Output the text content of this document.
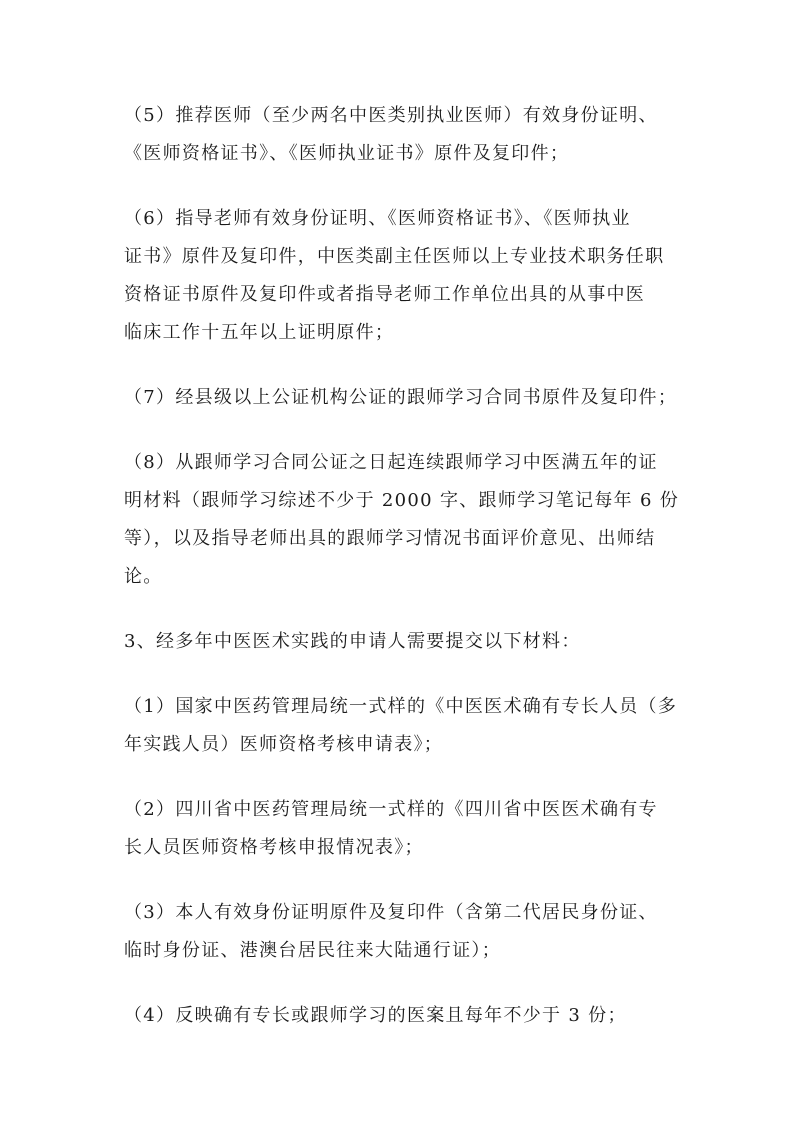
（5）推荐医师（至少两名中医类别执业医师）有效身份证明、
《医师资格证书》、《医师执业证书》原件及复印件；

（6）指导老师有效身份证明、《医师资格证书》、《医师执业
证书》原件及复印件，中医类副主任医师以上专业技术职务任职
资格证书原件及复印件或者指导老师工作单位出具的从事中医
临床工作十五年以上证明原件；

（7）经县级以上公证机构公证的跟师学习合同书原件及复印件；

（8）从跟师学习合同公证之日起连续跟师学习中医满五年的证
明材料（跟师学习综述不少于 2000 字、跟师学习笔记每年 6 份
等），以及指导老师出具的跟师学习情况书面评价意见、出师结
论。

3、经多年中医医术实践的申请人需要提交以下材料：

（1）国家中医药管理局统一式样的《中医医术确有专长人员（多
年实践人员）医师资格考核申请表》；

（2）四川省中医药管理局统一式样的《四川省中医医术确有专
长人员医师资格考核申报情况表》；

（3）本人有效身份证明原件及复印件（含第二代居民身份证、
临时身份证、港澳台居民往来大陆通行证）；

（4）反映确有专长或跟师学习的医案且每年不少于 3 份；
